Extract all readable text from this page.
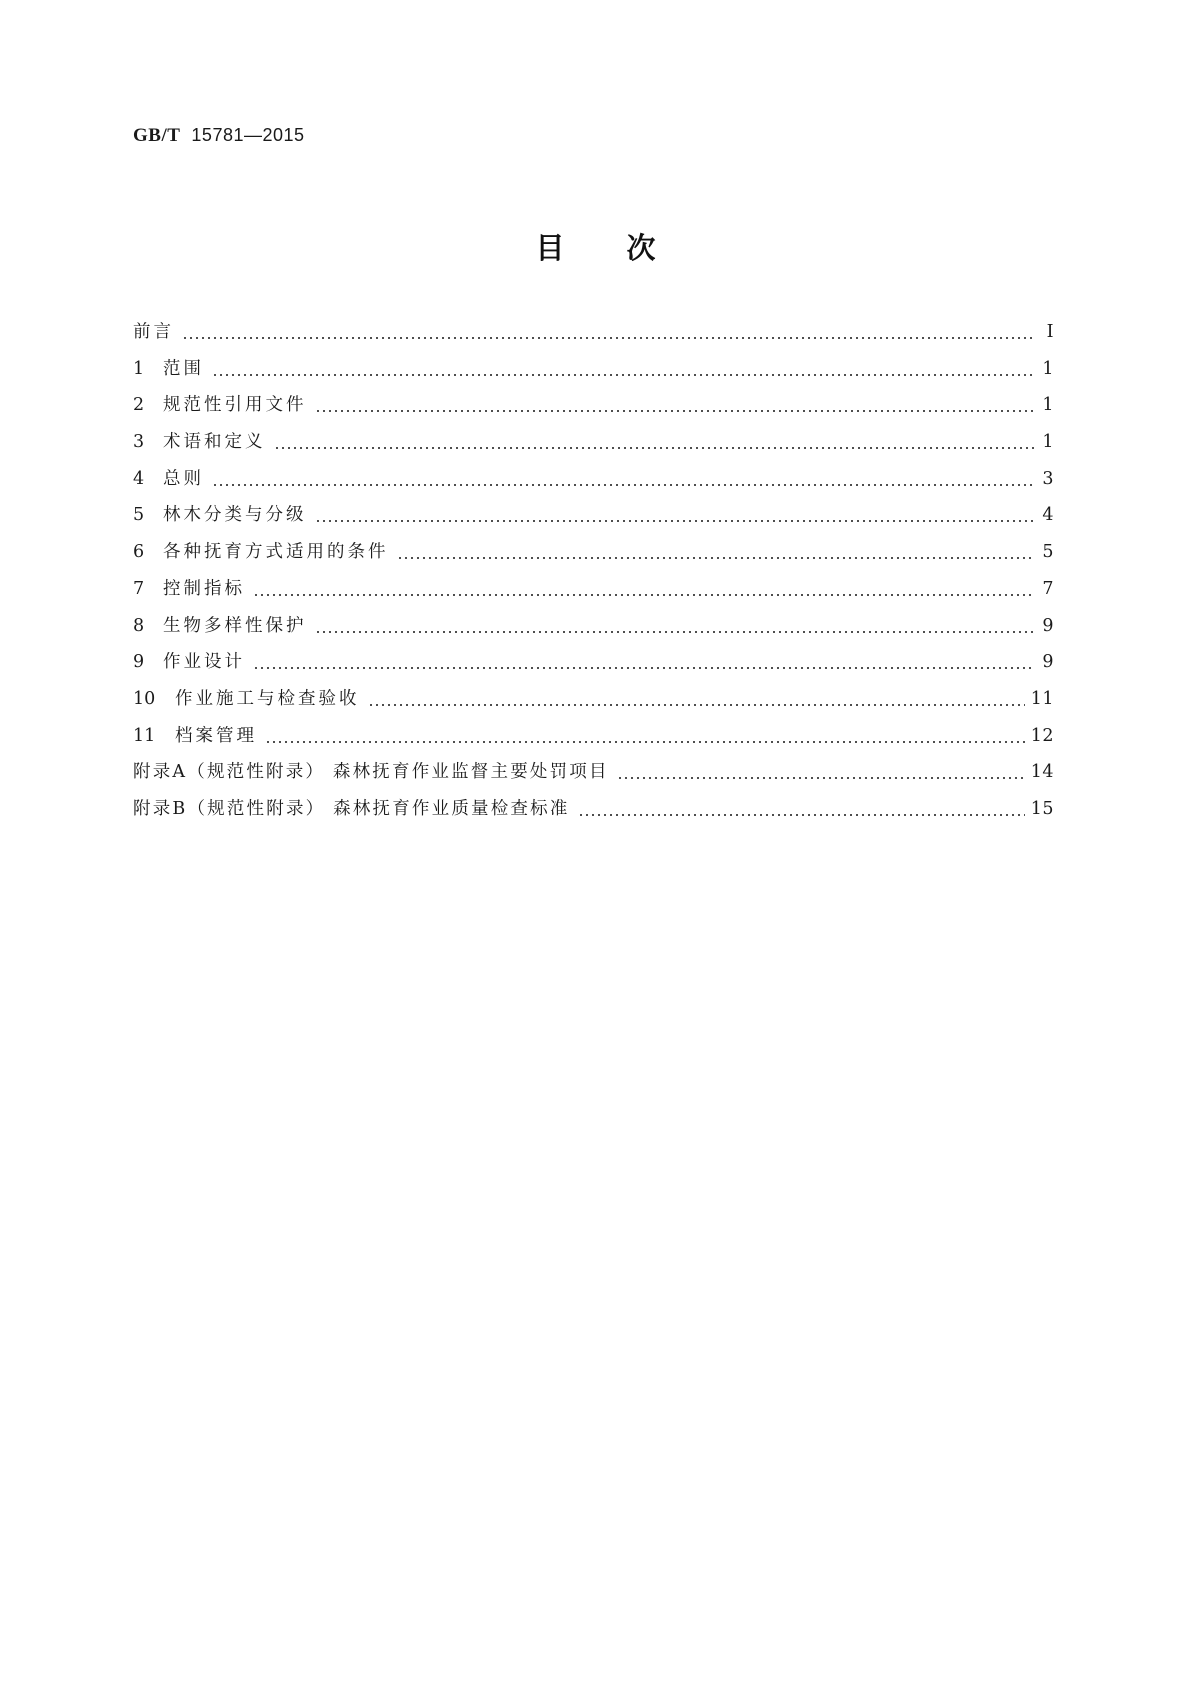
GB/T 15781—2015
目 次
前言	Ⅰ
1	范围	1
2	规范性引用文件	1
3	术语和定义	1
4	总则	3
5	林木分类与分级	4
6	各种抚育方式适用的条件	5
7	控制指标	7
8	生物多样性保护	9
9	作业设计	9
10	作业施工与检查验收	11
11	档案管理	12
附录A（规范性附录） 森林抚育作业监督主要处罚项目	14
附录B（规范性附录） 森林抚育作业质量检查标准	15
